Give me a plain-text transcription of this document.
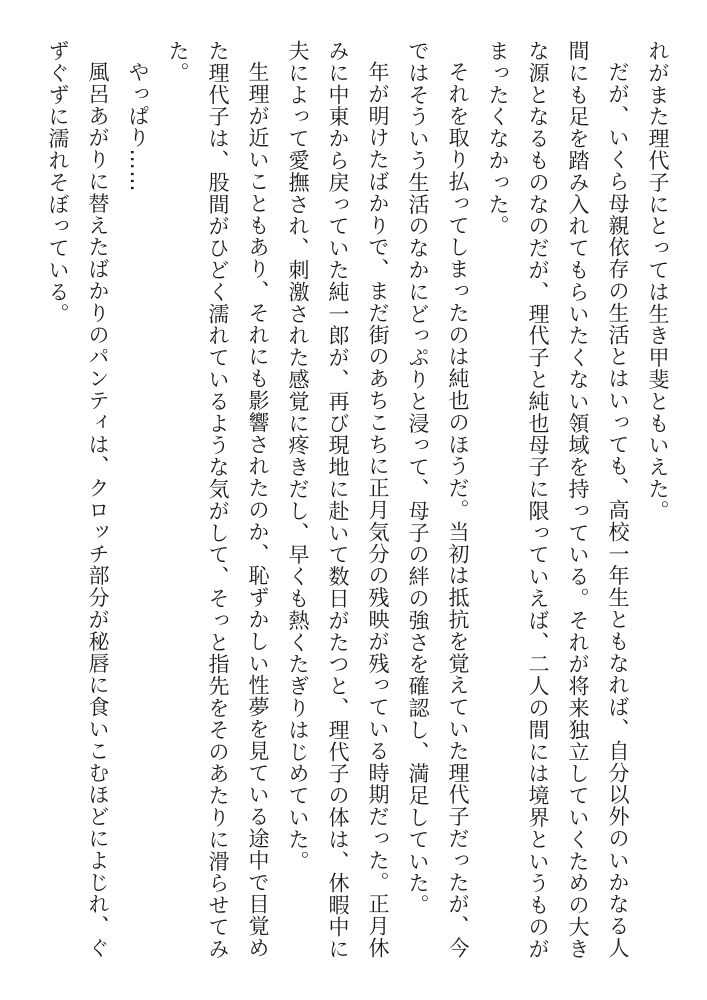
れがまた理代子にとっては生き甲斐ともいえた。

だが、いくら母親依存の生活とはいっても、高校一年生ともなれば、自分以外のいかなる人間にも足を踏み入れてもらいたくない領域を持っている。それが将来独立していくための大きな源となるものなのだが、理代子と純也母子に限っていえば、二人の間には境界というものがまったくなかった。

それを取り払ってしまったのは純也のほうだ。当初は抵抗を覚えていた理代子だったが、今ではそういう生活のなかにどっぷりと浸って、母子の絆の強さを確認し、満足していた。

年が明けたばかりで、まだ街のあちこちに正月気分の残映が残っている時期だった。正月休みに中東から戻っていた純一郎が、再び現地に赴いて数日がたつと、理代子の体は、休暇中に夫によって愛撫され、刺激された感覚に疼きだし、早くも熱くたぎりはじめていた。

生理が近いこともあり、それにも影響されたのか、恥ずかしい性夢を見ている途中で目覚めた理代子は、股間がひどく濡れているような気がして、そっと指先をそのあたりに滑らせてみた。

やっぱり……

風呂あがりに替えたばかりのパンティは、クロッチ部分が秘唇に食いこむほどによじれ、ぐずぐずに濡れそぼっている。
